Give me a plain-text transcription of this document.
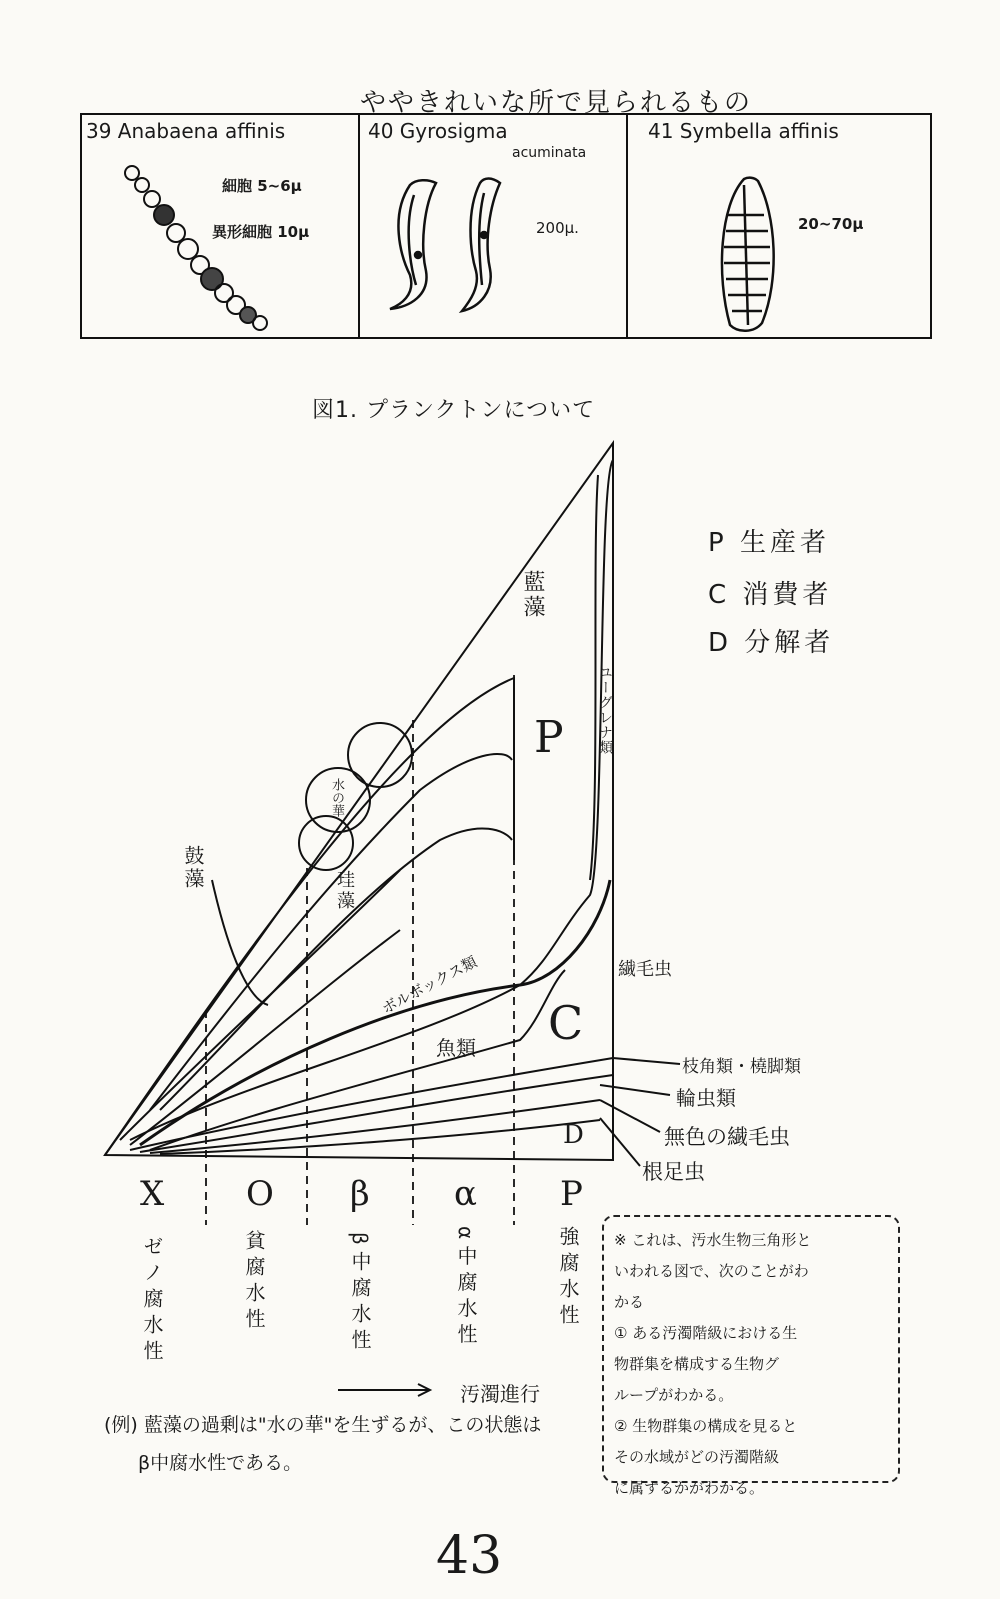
ややきれいな所で見られるもの
39 Anabaena affinis
細胞 5~6μ
異形細胞 10μ
40 Gyrosigma
acuminata
200μ.
41 Symbella affinis
20~70μ
図1. プランクトンについて
藍藻
ユーグレナ類
水の華
珪藻
鼓藻
ボルボックス類
魚類
繊毛虫
枝角類・橈脚類
輪虫類
無色の繊毛虫
根足虫
P
C
D
P 生産者
C 消費者
D 分解者
X O β α P
ゼノ腐水性	貧腐水性	β中腐水性	α中腐水性	強腐水性
汚濁進行
※ これは、汚水生物三角形と
いわれる図で、次のことがわ
かる
① ある汚濁階級における生
物群集を構成する生物グ
ループがわかる。
② 生物群集の構成を見ると
その水域がどの汚濁階級
に属するかがわかる。
(例) 藍藻の過剰は"水の華"を生ずるが、この状態は
β中腐水性である。
43
